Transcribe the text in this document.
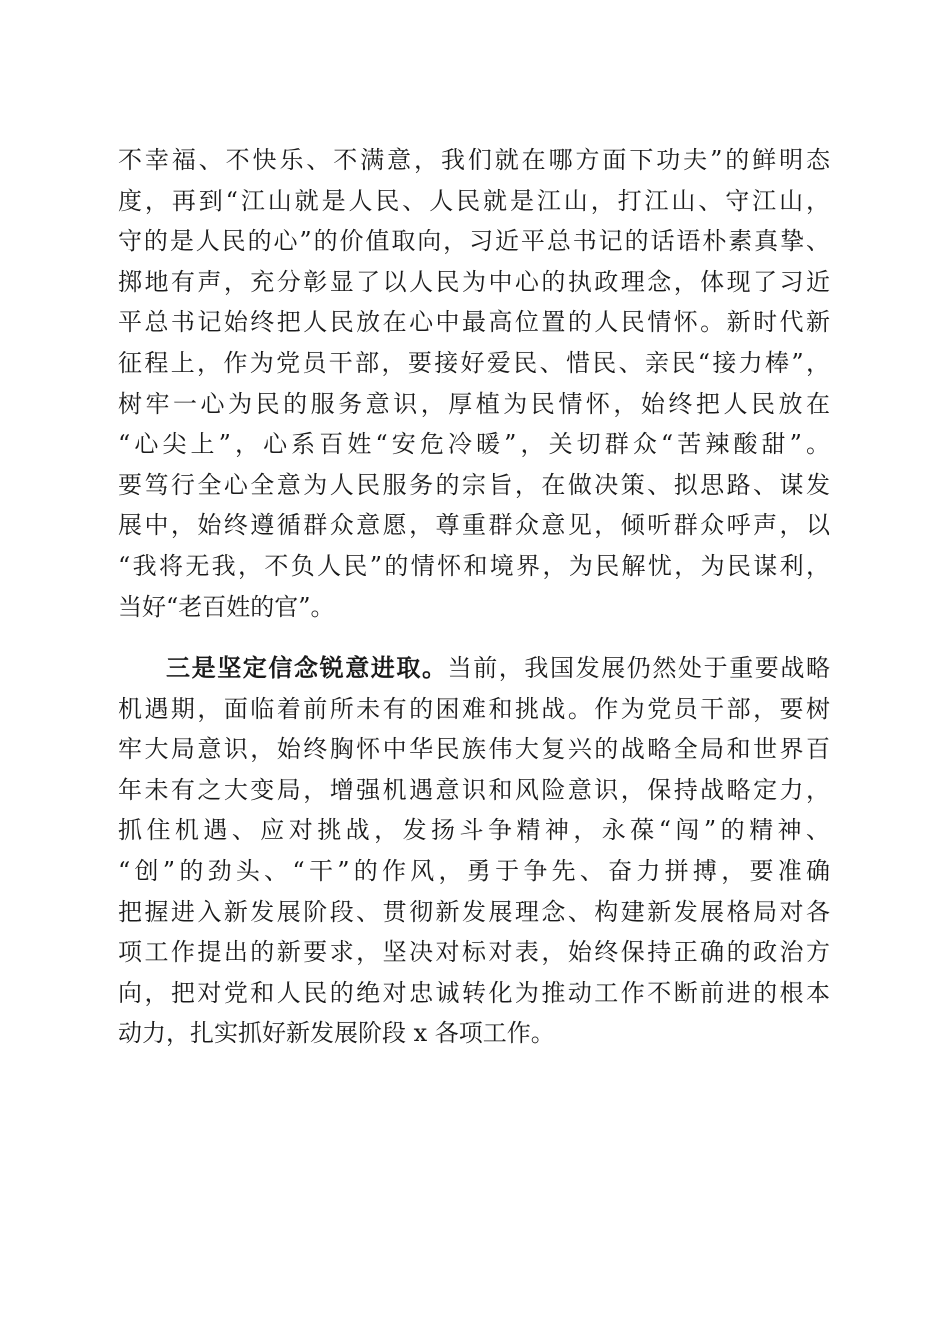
不幸福、不快乐、不满意，我们就在哪方面下功夫”的鲜明态
度，再到“江山就是人民、人民就是江山，打江山、守江山，
守的是人民的心”的价值取向，习近平总书记的话语朴素真挚、
掷地有声，充分彰显了以人民为中心的执政理念，体现了习近
平总书记始终把人民放在心中最高位置的人民情怀。新时代新
征程上，作为党员干部，要接好爱民、惜民、亲民“接力棒”，
树牢一心为民的服务意识，厚植为民情怀，始终把人民放在
“心尖上”，心系百姓“安危冷暖”，关切群众“苦辣酸甜”。
要笃行全心全意为人民服务的宗旨，在做决策、拟思路、谋发
展中，始终遵循群众意愿，尊重群众意见，倾听群众呼声，以
“我将无我，不负人民”的情怀和境界，为民解忧，为民谋利，
当好“老百姓的官”。
三是坚定信念锐意进取。当前，我国发展仍然处于重要战略
机遇期，面临着前所未有的困难和挑战。作为党员干部，要树
牢大局意识，始终胸怀中华民族伟大复兴的战略全局和世界百
年未有之大变局，增强机遇意识和风险意识，保持战略定力，
抓住机遇、应对挑战，发扬斗争精神，永葆“闯”的精神、
“创”的劲头、“干”的作风，勇于争先、奋力拼搏，要准确
把握进入新发展阶段、贯彻新发展理念、构建新发展格局对各
项工作提出的新要求，坚决对标对表，始终保持正确的政治方
向，把对党和人民的绝对忠诚转化为推动工作不断前进的根本
动力，扎实抓好新发展阶段 x 各项工作。
